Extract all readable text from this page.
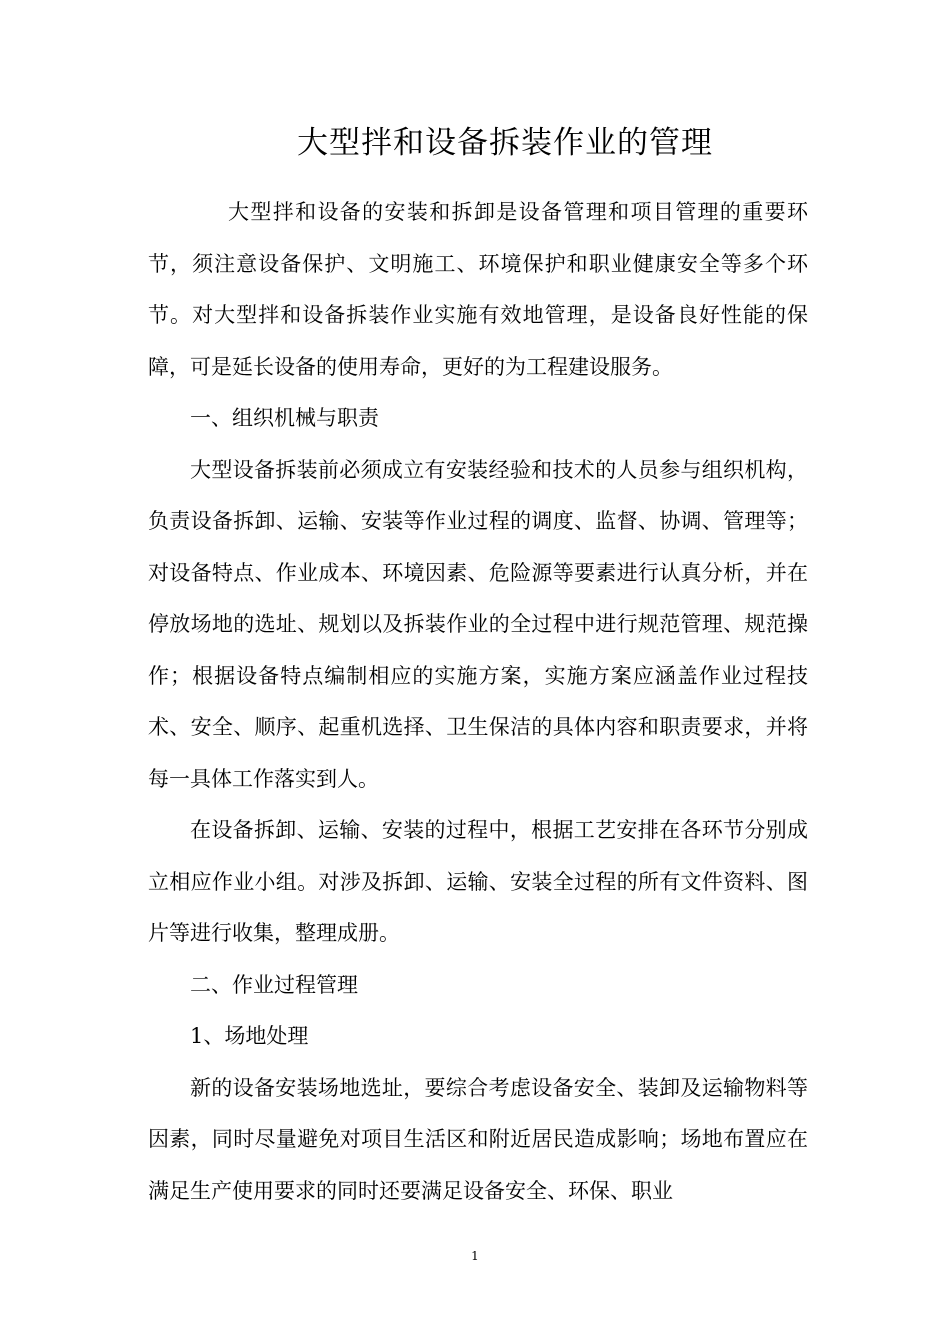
大型拌和设备拆装作业的管理

大型拌和设备的安装和拆卸是设备管理和项目管理的重要环节，须注意设备保护、文明施工、环境保护和职业健康安全等多个环节。对大型拌和设备拆装作业实施有效地管理，是设备良好性能的保障，可是延长设备的使用寿命，更好的为工程建设服务。

一、组织机械与职责

大型设备拆装前必须成立有安装经验和技术的人员参与组织机构，负责设备拆卸、运输、安装等作业过程的调度、监督、协调、管理等；对设备特点、作业成本、环境因素、危险源等要素进行认真分析，并在停放场地的选址、规划以及拆装作业的全过程中进行规范管理、规范操作；根据设备特点编制相应的实施方案，实施方案应涵盖作业过程技术、安全、顺序、起重机选择、卫生保洁的具体内容和职责要求，并将每一具体工作落实到人。

在设备拆卸、运输、安装的过程中，根据工艺安排在各环节分别成立相应作业小组。对涉及拆卸、运输、安装全过程的所有文件资料、图片等进行收集，整理成册。

二、作业过程管理

1、场地处理

新的设备安装场地选址，要综合考虑设备安全、装卸及运输物料等因素，同时尽量避免对项目生活区和附近居民造成影响；场地布置应在满足生产使用要求的同时还要满足设备安全、环保、职业

1
